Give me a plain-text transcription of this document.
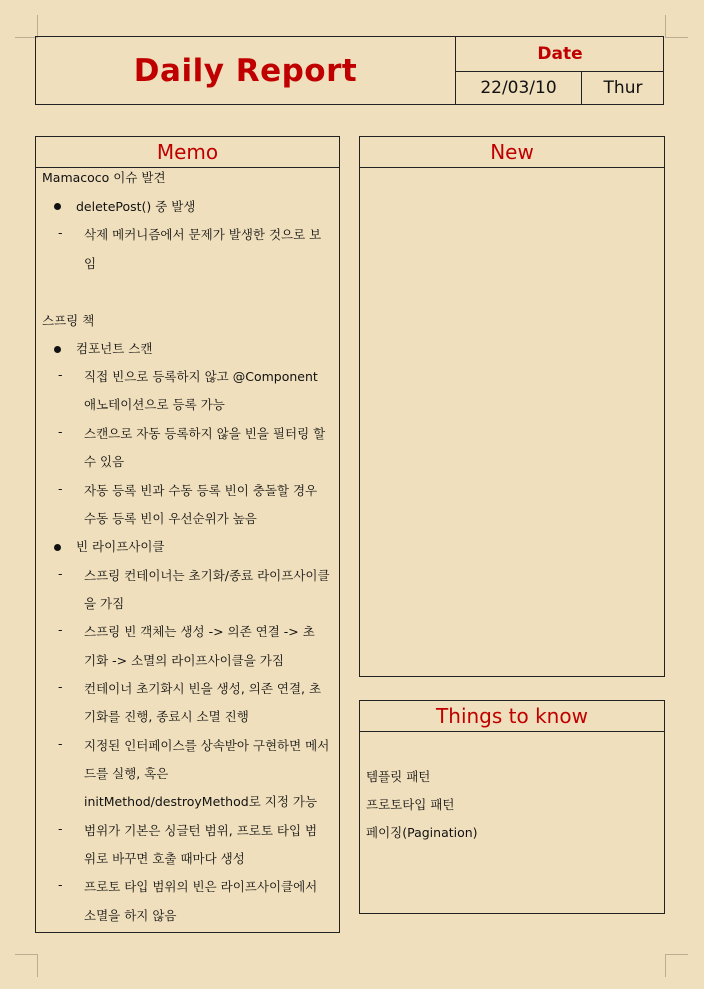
Daily Report	Date
22/03/10	Thur
Memo
Mamacoco 이슈 발견
deletePost() 중 발생
- 삭제 메커니즘에서 문제가 발생한 것으로 보
임
스프링 책
컴포넌트 스캔
- 직접 빈으로 등록하지 않고 @Component
애노테이션으로 등록 가능
- 스캔으로 자동 등록하지 않을 빈을 필터링 할
수 있음
- 자동 등록 빈과 수동 등록 빈이 충돌할 경우
수동 등록 빈이 우선순위가 높음
빈 라이프사이클
- 스프링 컨테이너는 초기화/종료 라이프사이클
을 가짐
- 스프링 빈 객체는 생성 -> 의존 연결 -> 초
기화 -> 소멸의 라이프사이클을 가짐
- 컨테이너 초기화시 빈을 생성, 의존 연결, 초
기화를 진행, 종료시 소멸 진행
- 지정된 인터페이스를 상속받아 구현하면 메서
드를 실행, 혹은
initMethod/destroyMethod로 지정 가능
- 범위가 기본은 싱글턴 범위, 프로토 타입 범
위로 바꾸면 호출 때마다 생성
- 프로토 타입 범위의 빈은 라이프사이클에서
소멸을 하지 않음
New
Things to know
템플릿 패턴
프로토타입 패턴
페이징(Pagination)
